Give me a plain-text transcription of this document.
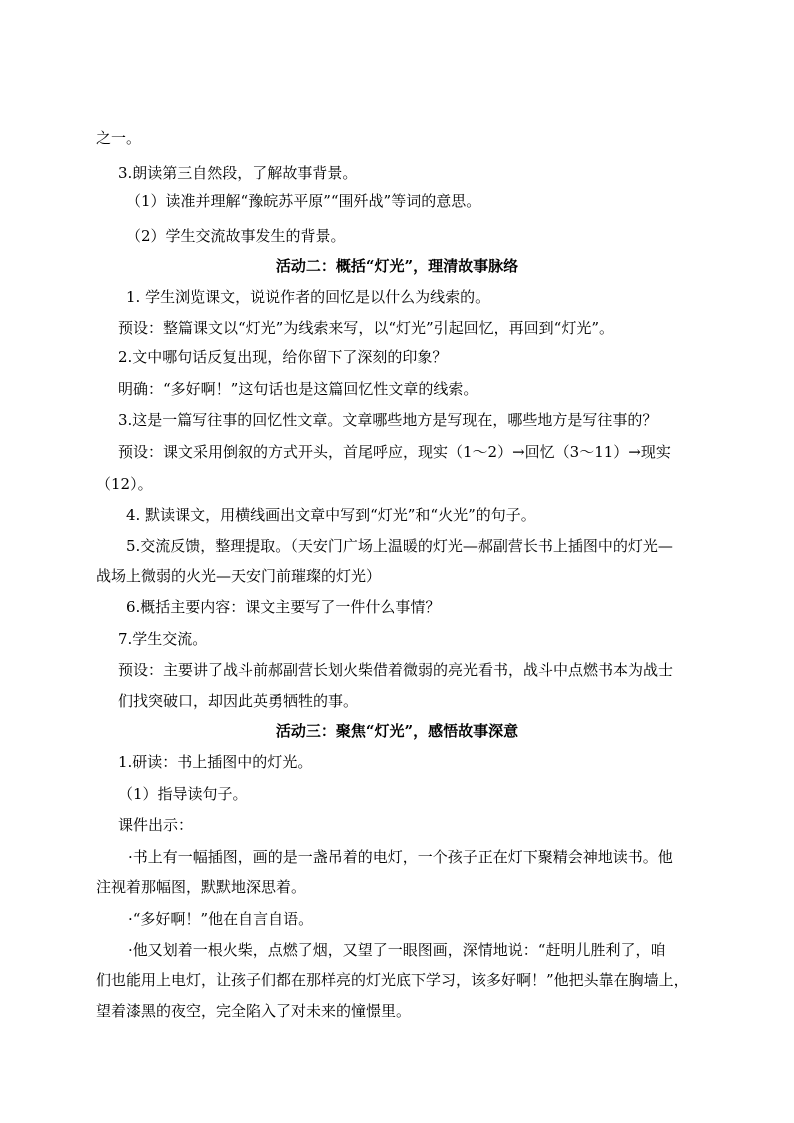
之一。
3.朗读第三自然段，了解故事背景。
（1）读准并理解“豫皖苏平原”“围歼战”等词的意思。
（2）学生交流故事发生的背景。
活动二：概括“灯光”，理清故事脉络
1. 学生浏览课文，说说作者的回忆是以什么为线索的。
预设：整篇课文以“灯光”为线索来写，以“灯光”引起回忆，再回到“灯光”。
2.文中哪句话反复出现，给你留下了深刻的印象？
明确：“多好啊！”这句话也是这篇回忆性文章的线索。
3.这是一篇写往事的回忆性文章。文章哪些地方是写现在，哪些地方是写往事的？
预设：课文采用倒叙的方式开头，首尾呼应，现实（1～2）→回忆（3～11）→现实
（12）。
4. 默读课文，用横线画出文章中写到“灯光”和“火光”的句子。
5.交流反馈，整理提取。（天安门广场上温暖的灯光—郝副营长书上插图中的灯光—
战场上微弱的火光—天安门前璀璨的灯光）
6.概括主要内容：课文主要写了一件什么事情？
7.学生交流。
预设：主要讲了战斗前郝副营长划火柴借着微弱的亮光看书，战斗中点燃书本为战士
们找突破口，却因此英勇牺牲的事。
活动三：聚焦“灯光”，感悟故事深意
1.研读：书上插图中的灯光。
（1）指导读句子。
课件出示：
·书上有一幅插图，画的是一盏吊着的电灯，一个孩子正在灯下聚精会神地读书。他
注视着那幅图，默默地深思着。
·“多好啊！”他在自言自语。
·他又划着一根火柴，点燃了烟，又望了一眼图画，深情地说：“赶明儿胜利了，咱
们也能用上电灯，让孩子们都在那样亮的灯光底下学习，该多好啊！”他把头靠在胸墙上，
望着漆黑的夜空，完全陷入了对未来的憧憬里。
